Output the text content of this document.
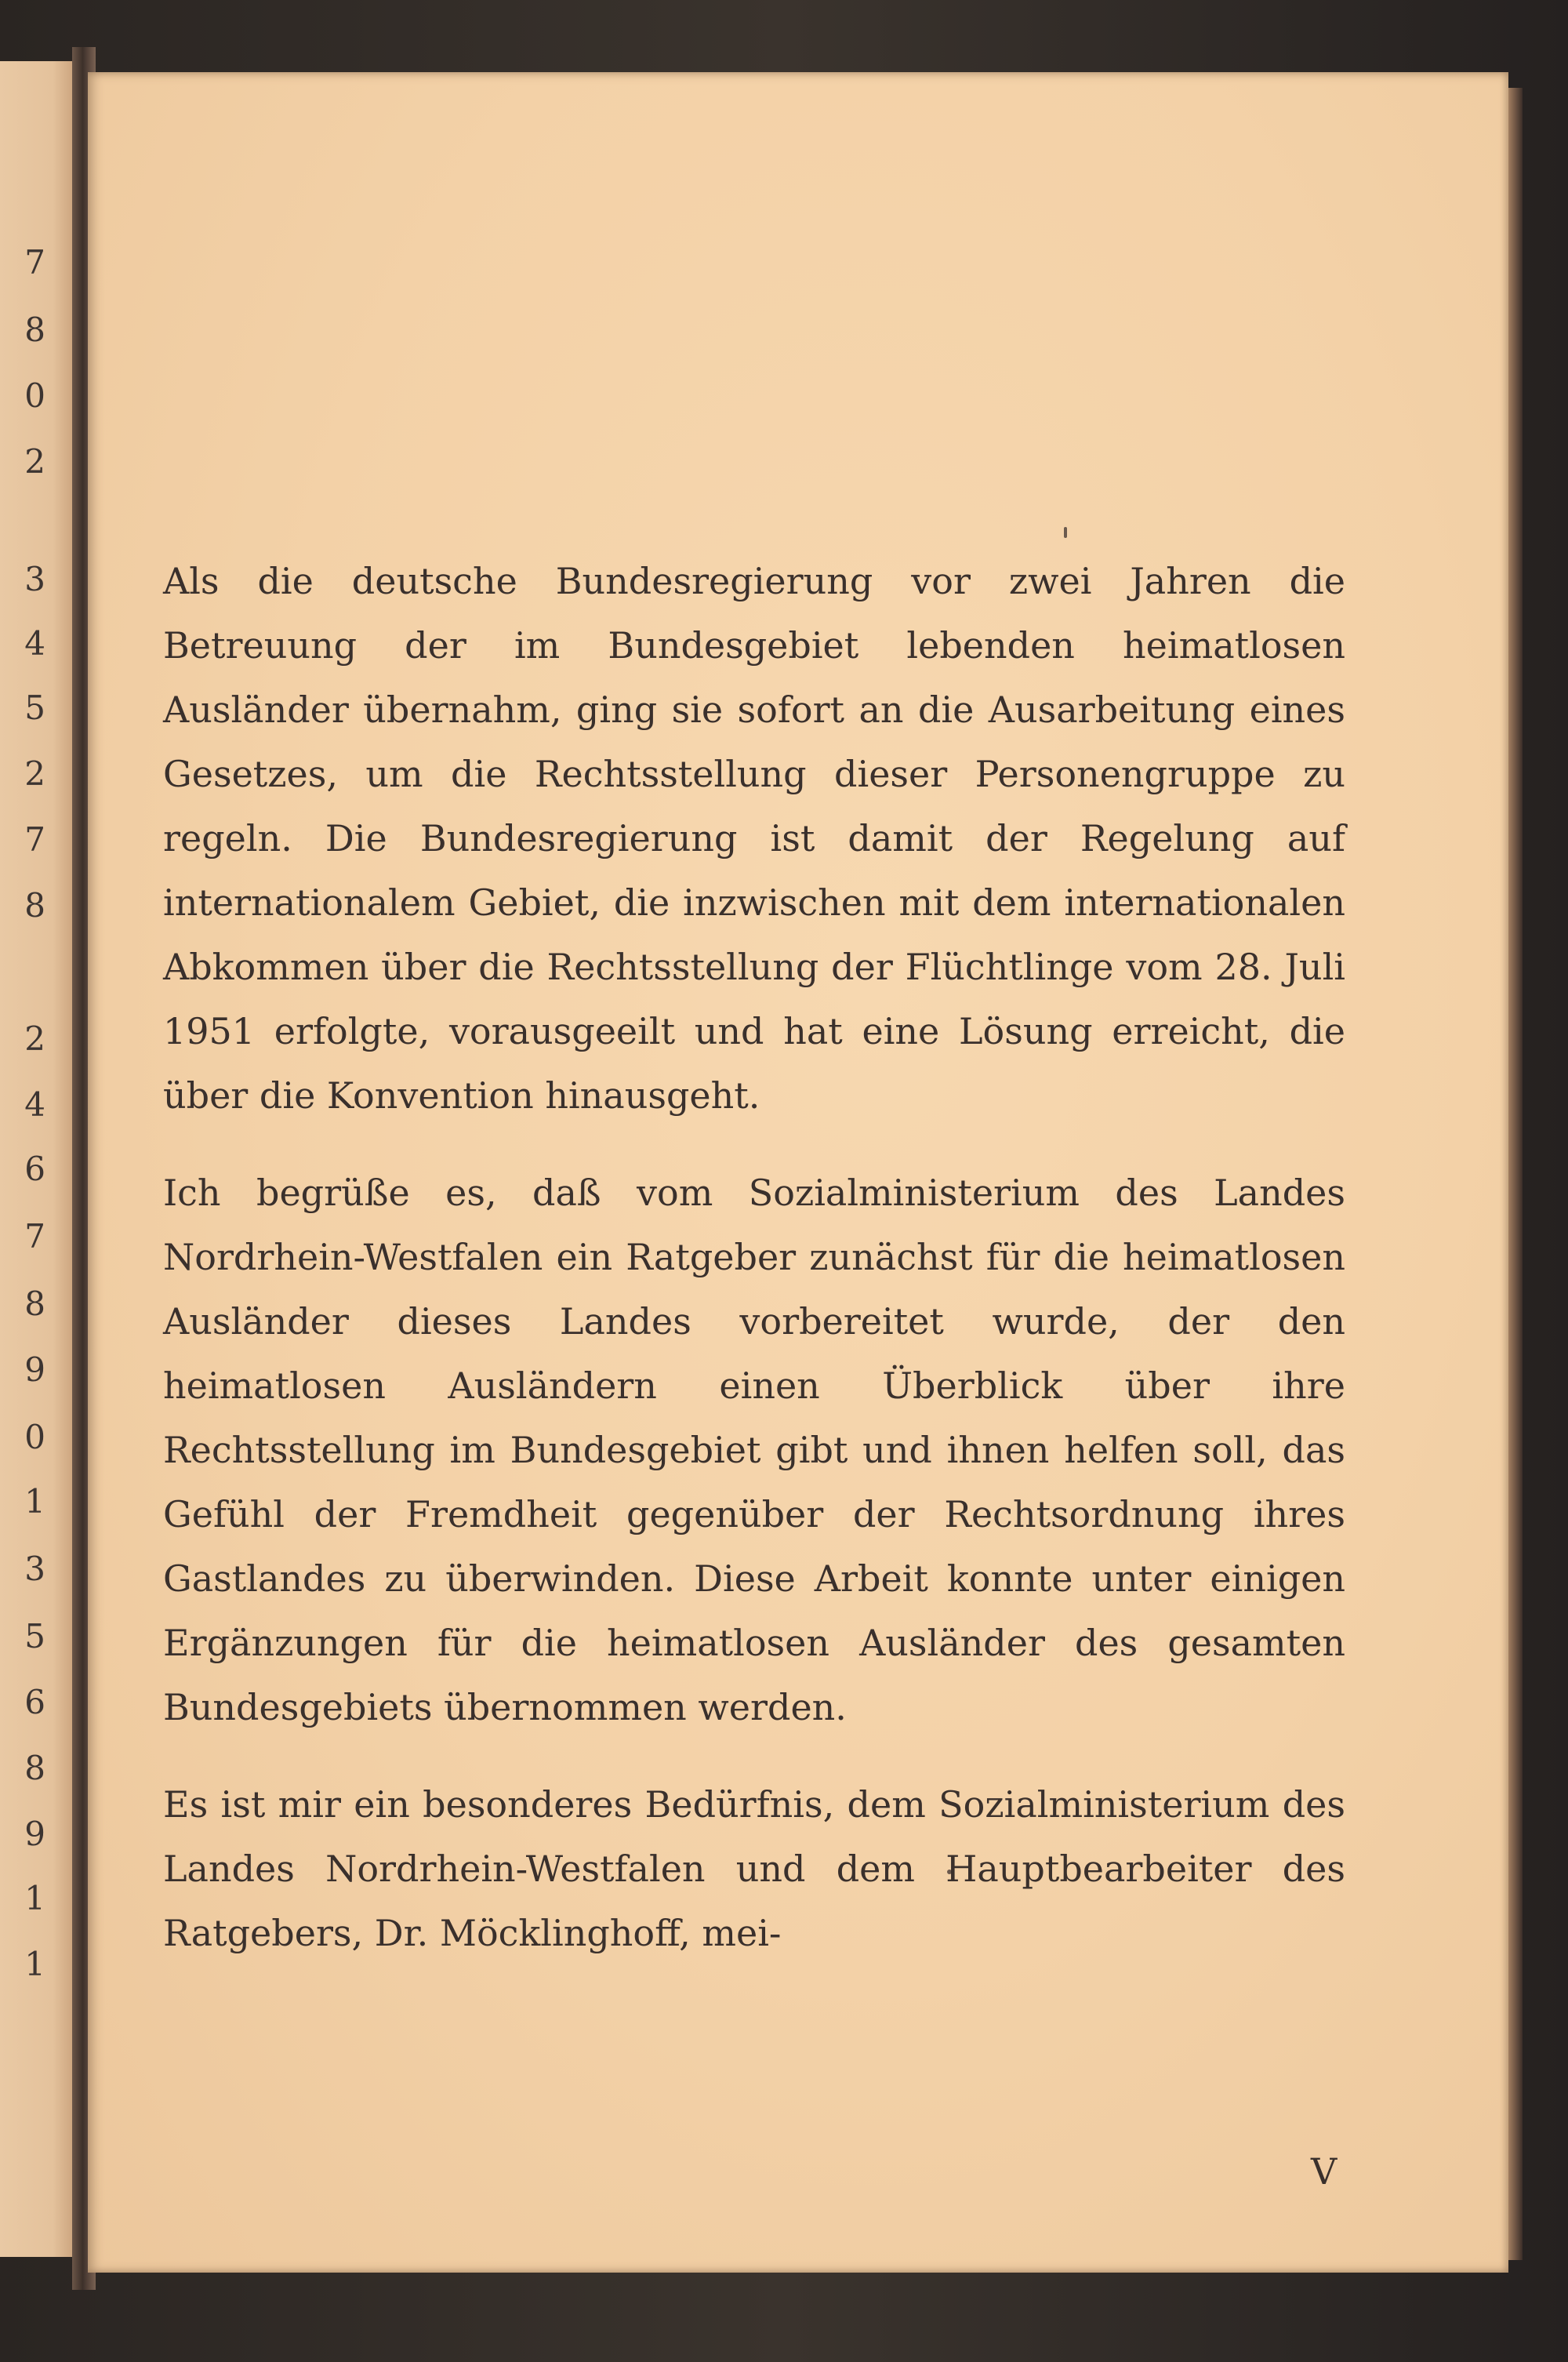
7
8
0
2
3
4
5
2
7
8
2
4
6
7
8
9
0
1
3
5
6
8
9
1
1

Als die deutsche Bundesregierung vor zwei Jahren die Betreuung der im Bundesgebiet lebenden heimatlosen Ausländer übernahm, ging sie sofort an die Ausarbeitung eines Gesetzes, um die Rechtsstellung dieser Personengruppe zu regeln. Die Bundesregierung ist damit der Regelung auf internationalem Gebiet, die inzwischen mit dem internationalen Abkommen über die Rechtsstellung der Flüchtlinge vom 28. Juli 1951 erfolgte, vorausgeeilt und hat eine Lösung erreicht, die über die Konvention hinausgeht.

Ich begrüße es, daß vom Sozialministerium des Landes Nordrhein-Westfalen ein Ratgeber zunächst für die heimatlosen Ausländer dieses Landes vorbereitet wurde, der den heimatlosen Ausländern einen Überblick über ihre Rechtsstellung im Bundesgebiet gibt und ihnen helfen soll, das Gefühl der Fremdheit gegenüber der Rechtsordnung ihres Gastlandes zu überwinden. Diese Arbeit konnte unter einigen Ergänzungen für die heimatlosen Ausländer des gesamten Bundesgebiets übernommen werden.

Es ist mir ein besonderes Bedürfnis, dem Sozialministerium des Landes Nordrhein-Westfalen und dem Hauptbearbeiter des Ratgebers, Dr. Möcklinghoff, mei-

V
